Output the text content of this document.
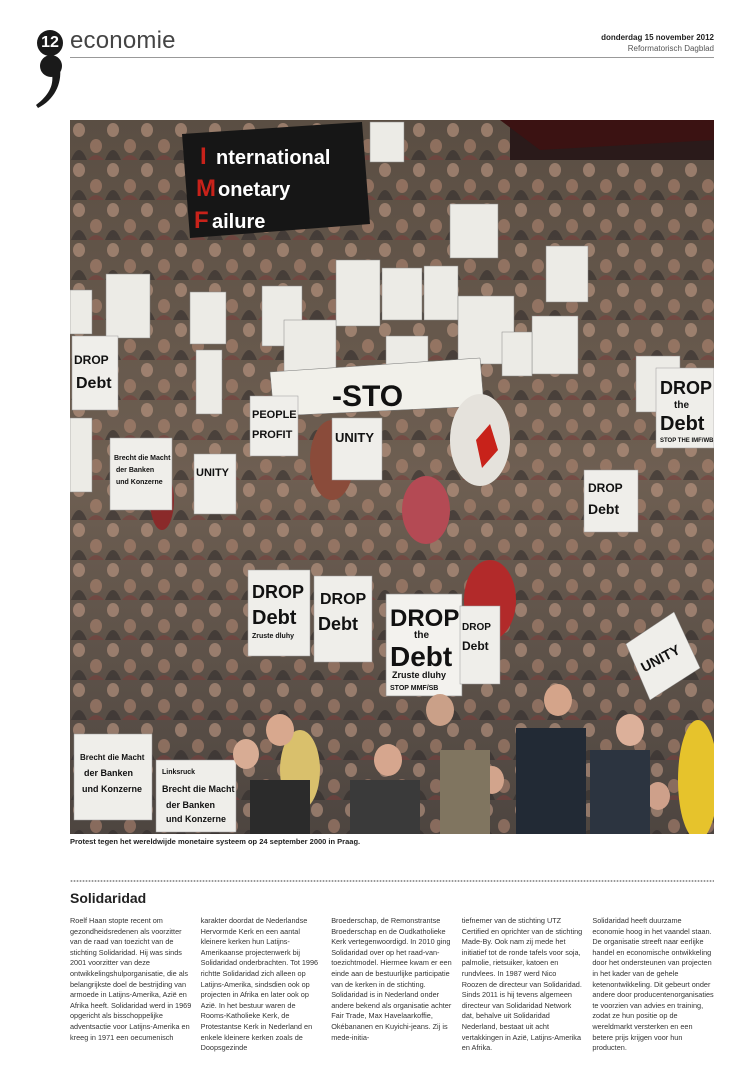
12 economie	donderdag 15 november 2012
Reformatorisch Dagblad
I nternational
M onetary
F ailure
-STO
DROP
Debt	DROP
the
Debt
STOP THE IMF/WB
PEOPLE
PROFIT	UNITY
Brecht die Macht
der Banken
und Konzerne
UNITY
DROP
Debt
DROP
Debt
Zruste dluhy
DROP
Debt DROP
the
Debt
Zruste dluhy
STOP MMF/SB
DROP
Debt	UNITY
Brecht die Macht
der Banken
und Konzerne
Linksruck
Brecht die Macht
der Banken
und Konzerne
Protest tegen het wereldwijde monetaire systeem op 24 september 2000 in Praag.
Solidaridad

Roelf Haan stopte recent om gezondheidsredenen als voorzitter van de raad van toezicht van de stichting Solidaridad. Hij was sinds 2001 voorzitter van deze ontwikkelingshulporganisatie, die als belangrijkste doel de bestrijding van armoede in Latijns-Amerika, Azië en Afrika heeft. Solidaridad werd in 1969 opgericht als bisschoppelijke adventsactie voor Latijns-Amerika en kreeg in 1971 een oecumenisch

karakter doordat de Nederlandse Hervormde Kerk en een aantal kleinere kerken hun Latijns-Amerikaanse projectenwerk bij Solidaridad onderbrachten. Tot 1996 richtte Solidaridad zich alleen op Latijns-Amerika, sindsdien ook op projecten in Afrika en later ook op Azië. In het bestuur waren de Rooms-Katholieke Kerk, de Protestantse Kerk in Nederland en enkele kleinere kerken zoals de Doopsgezinde

Broederschap, de Remonstrantse Broederschap en de Oudkatholieke Kerk vertegenwoordigd. In 2010 ging Solidaridad over op het raad-van-toezichtmodel. Hiermee kwam er een einde aan de bestuurlijke participatie van de kerken in de stichting. Solidaridad is in Nederland onder andere bekend als organisatie achter Fair Trade, Max Havelaarkoffie, Okébananen en Kuyichi-jeans. Zij is mede-initia-

tiefnemer van de stichting UTZ Certified en oprichter van de stichting Made-By. Ook nam zij mede het initiatief tot de ronde tafels voor soja, palmolie, rietsuiker, katoen en rundvlees. In 1987 werd Nico Roozen de directeur van Solidaridad. Sinds 2011 is hij tevens algemeen directeur van Solidaridad Network dat, behalve uit Solidaridad Nederland, bestaat uit acht vertakkingen in Azië, Latijns-Amerika en Afrika.

Solidaridad heeft duurzame economie hoog in het vaandel staan. De organisatie streeft naar eerlijke handel en economische ontwikkeling door het ondersteunen van projecten in het kader van de gehele ketenontwikkeling. Dit gebeurt onder andere door producentenorganisaties te voorzien van advies en training, zodat ze hun positie op de wereldmarkt versterken en een betere prijs krijgen voor hun producten.
